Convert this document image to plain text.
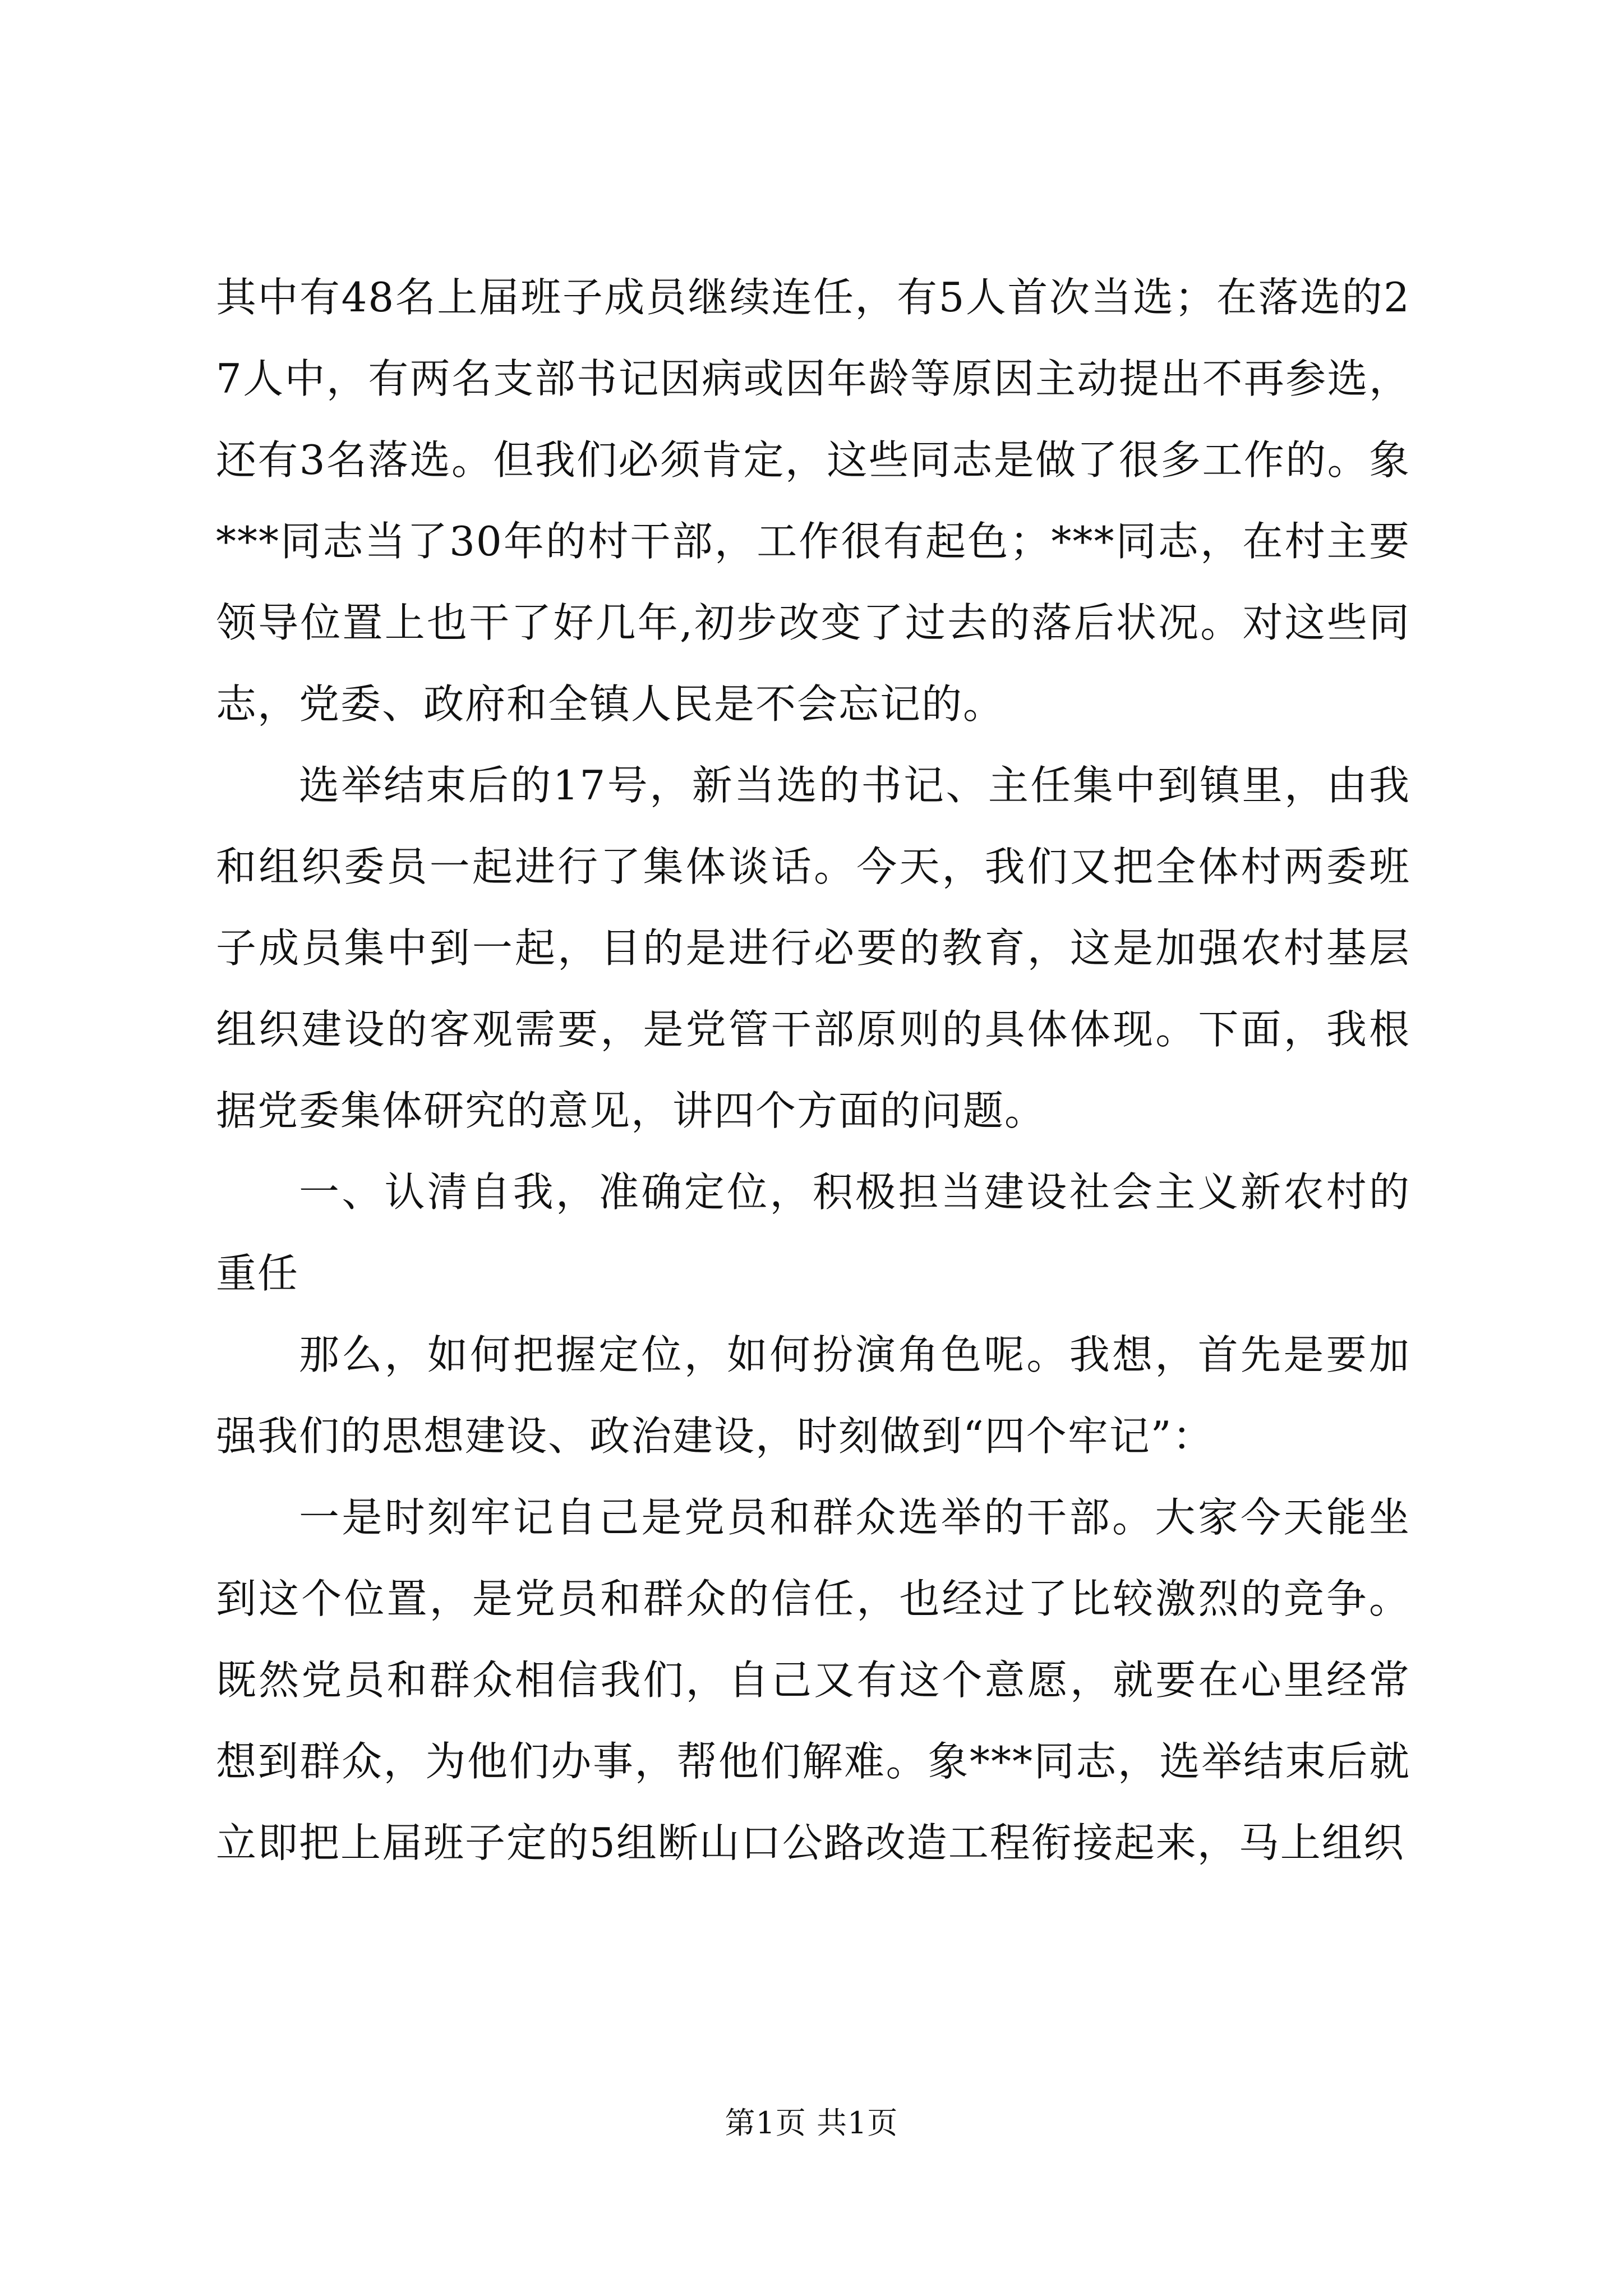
其中有48名上届班子成员继续连任，有5人首次当选；在落选的27人中，有两名支部书记因病或因年龄等原因主动提出不再参选，还有3名落选。但我们必须肯定，这些同志是做了很多工作的。象***同志当了30年的村干部，工作很有起色；***同志，在村主要领导位置上也干了好几年,初步改变了过去的落后状况。对这些同志，党委、政府和全镇人民是不会忘记的。

选举结束后的17号，新当选的书记、主任集中到镇里，由我和组织委员一起进行了集体谈话。今天，我们又把全体村两委班子成员集中到一起，目的是进行必要的教育，这是加强农村基层组织建设的客观需要，是党管干部原则的具体体现。下面，我根据党委集体研究的意见，讲四个方面的问题。

一、认清自我，准确定位，积极担当建设社会主义新农村的重任

那么，如何把握定位，如何扮演角色呢。我想，首先是要加强我们的思想建设、政治建设，时刻做到“四个牢记”：

一是时刻牢记自己是党员和群众选举的干部。大家今天能坐到这个位置，是党员和群众的信任，也经过了比较激烈的竞争。既然党员和群众相信我们，自己又有这个意愿，就要在心里经常想到群众，为他们办事，帮他们解难。象***同志，选举结束后就立即把上届班子定的5组断山口公路改造工程衔接起来，马上组织

第1页 共1页
